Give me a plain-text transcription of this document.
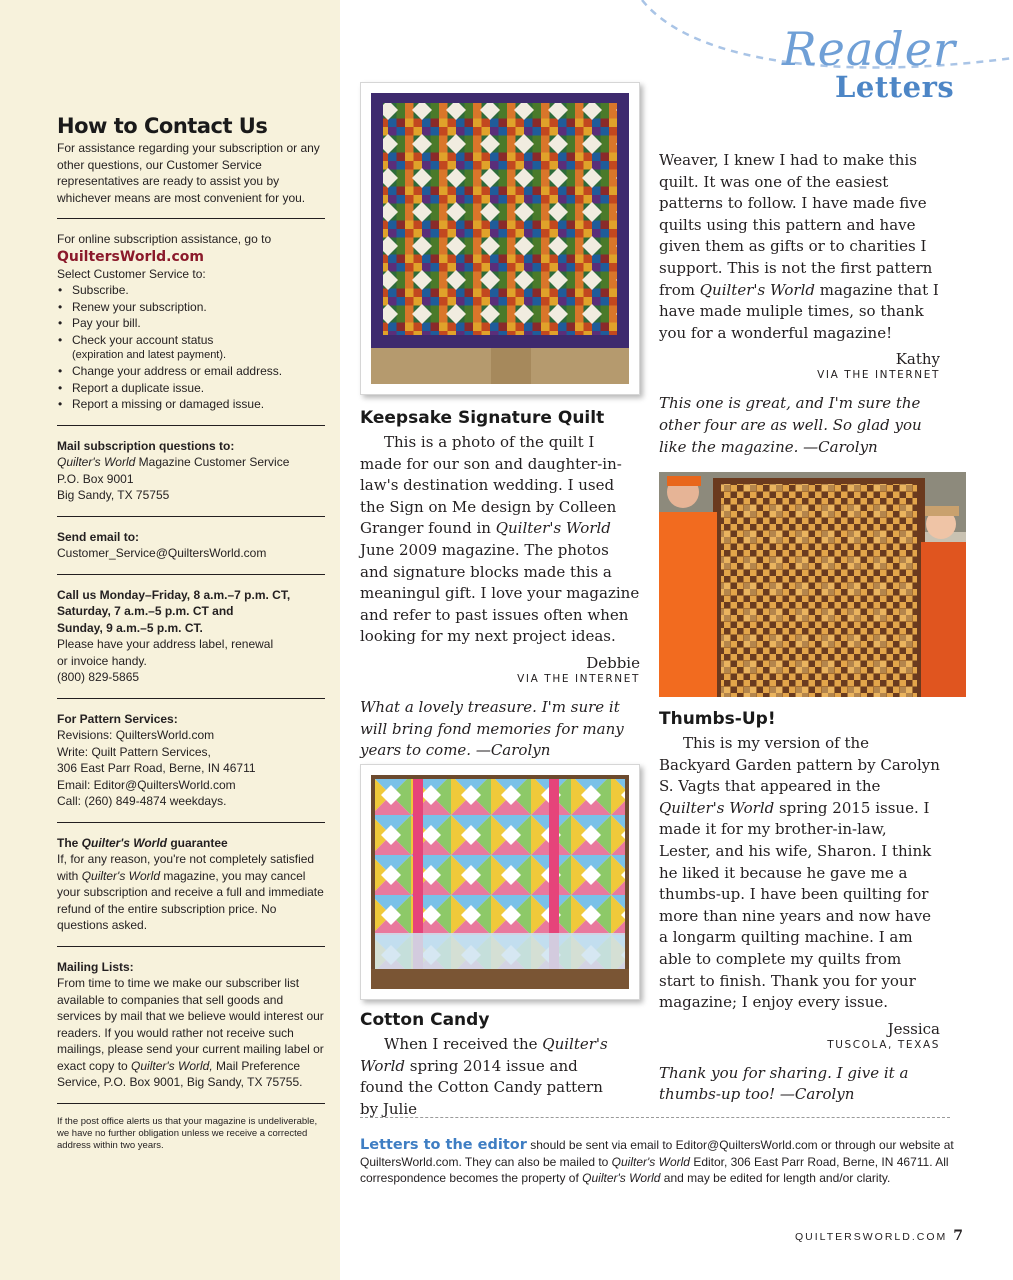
How to Contact Us
For assistance regarding your subscription or any other questions, our Customer Service representatives are ready to assist you by whichever means are most convenient for you.
For online subscription assistance, go to
QuiltersWorld.com
Select Customer Service to:
• Subscribe.
• Renew your subscription.
• Pay your bill.
• Check your account status
(expiration and latest payment).
• Change your address or email address.
• Report a duplicate issue.
• Report a missing or damaged issue.
Mail subscription questions to:
Quilter's World Magazine Customer Service
P.O. Box 9001
Big Sandy, TX 75755
Send email to:
Customer_Service@QuiltersWorld.com
Call us Monday–Friday, 8 a.m.–7 p.m. CT,
Saturday, 7 a.m.–5 p.m. CT and
Sunday, 9 a.m.–5 p.m. CT.
Please have your address label, renewal
or invoice handy.
(800) 829-5865
For Pattern Services:
Revisions: QuiltersWorld.com
Write: Quilt Pattern Services,
306 East Parr Road, Berne, IN 46711
Email: Editor@QuiltersWorld.com
Call: (260) 849-4874 weekdays.
The Quilter's World guarantee
If, for any reason, you're not completely satisfied with Quilter's World magazine, you may cancel your subscription and receive a full and immediate refund of the entire subscription price. No questions asked.
Mailing Lists:
From time to time we make our subscriber list available to companies that sell goods and services by mail that we believe would interest our readers. If you would rather not receive such mailings, please send your current mailing label or exact copy to Quilter's World, Mail Preference Service, P.O. Box 9001, Big Sandy, TX 75755.
If the post office alerts us that your magazine is undeliverable, we have no further obligation unless we receive a corrected address within two years.
Reader
Letters
Keepsake Signature Quilt

This is a photo of the quilt I made for our son and daughter-in-law's destination wedding. I used the Sign on Me design by Colleen Granger found in Quilter's World June 2009 magazine. The photos and signature blocks made this a meaningul gift. I love your magazine and refer to past issues often when looking for my next project ideas.

Debbie

VIA THE INTERNET

What a lovely treasure. I'm sure it will bring fond memories for many years to come. —Carolyn

Cotton Candy

When I received the Quilter's World spring 2014 issue and found the Cotton Candy pattern by Julie

Weaver, I knew I had to make this quilt. It was one of the easiest patterns to follow. I have made five quilts using this pattern and have given them as gifts or to charities I support. This is not the first pattern from Quilter's World magazine that I have made muliple times, so thank you for a wonderful magazine!

Kathy

VIA THE INTERNET

This one is great, and I'm sure the other four are as well. So glad you like the magazine. —Carolyn

Thumbs-Up!

This is my version of the Backyard Garden pattern by Carolyn S. Vagts that appeared in the Quilter's World spring 2015 issue. I made it for my brother-in-law, Lester, and his wife, Sharon. I think he liked it because he gave me a thumbs-up. I have been quilting for more than nine years and now have a longarm quilting machine. I am able to complete my quilts from start to finish. Thank you for your magazine; I enjoy every issue.

Jessica

TUSCOLA, TEXAS

Thank you for sharing. I give it a thumbs-up too! —Carolyn

Letters to the editor should be sent via email to Editor@QuiltersWorld.com or through our website at QuiltersWorld.com. They can also be mailed to Quilter's World Editor, 306 East Parr Road, Berne, IN 46711. All correspondence becomes the property of Quilter's World and may be edited for length and/or clarity.
QUILTERSWORLD.COM 7
